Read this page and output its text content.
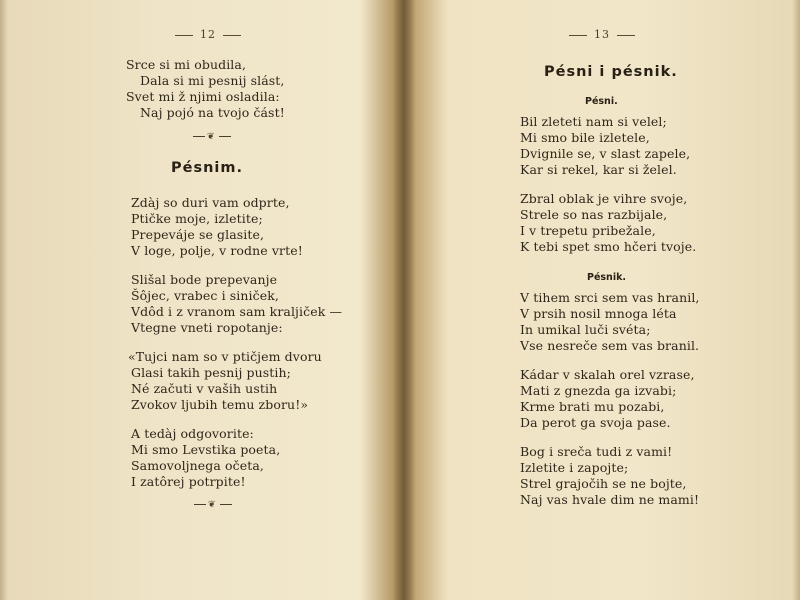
12
Srce si mi obudila,
Dala si mi pesnij slást,
Svet mi ž njimi osladila:
Naj pojó na tvojo část!
❦
Pésnim.
Zdàj so duri vam odprte,
Ptičke moje, izletite;
Prepeváje se glasite,
V loge, polje, v rodne vrte!
Slišal bode prepevanje
Šôjec, vrabec i siniček,
Vdôd i z vranom sam kraljiček —
Vtegne vneti ropotanje:
«Tujci nam so v ptičjem dvoru
Glasi takih pesnij pustih;
Né začuti v vaših ustih
Zvokov ljubih temu zboru!»
A tedàj odgovorite:
Mi smo Levstika poeta,
Samovoljnega očeta,
I zatôrej potrpite!
❦
13
Pésni i pésnik.
Pésni.
Bil zleteti nam si velel;
Mi smo bile izletele,
Dvignile se, v slast zapele,
Kar si rekel, kar si želel.
Zbral oblak je vihre svoje,
Strele so nas razbijale,
I v trepetu pribežale,
K tebi spet smo hčeri tvoje.
Pésnik.
V tihem srci sem vas hranil,
V prsih nosil mnoga léta
In umikal luči svéta;
Vse nesreče sem vas branil.
Kádar v skalah orel vzrase,
Mati z gnezda ga izvabi;
Krme brati mu pozabi,
Da perot ga svoja pase.
Bog i sreča tudi z vami!
Izletite i zapojte;
Strel grajočih se ne bojte,
Naj vas hvale dim ne mami!
